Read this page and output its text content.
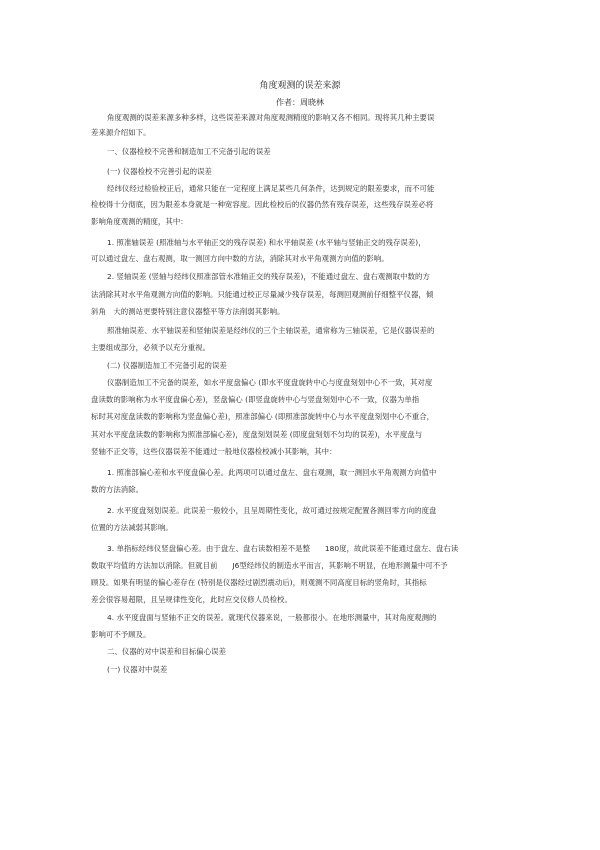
角度观测的误差来源
作者：周晓林
角度观测的误差来源多种多样，这些误差来源对角度观测精度的影响又各不相同。现将其几种主要误
差来源介绍如下。
一、仪器检校不完善和制造加工不完备引起的误差
(一) 仪器检校不完善引起的误差
经纬仪经过检验校正后，通常只能在一定程度上满足某些几何条件，达到规定的限差要求，而不可能
检校得十分彻底，因为限差本身就是一种宽容度。因此检校后的仪器仍然有残存误差，这些残存误差必将
影响角度观测的精度，其中：
1. 照准轴误差 (照准轴与水平轴正交的残存误差) 和水平轴误差 (水平轴与竖轴正交的残存误差)，
可以通过盘左、盘右观测，取一测回方向中数的方法，消除其对水平角观测方向值的影响。
2. 竖轴误差 (竖轴与经纬仪照准部管水准轴正交的残存误差)，不能通过盘左、盘右观测取中数的方
法消除其对水平角观测方向值的影响。只能通过校正尽量减少残存误差，每测回观测前仔细整平仪器，倾
斜角　大的测站更要特别注意仪器整平等方法削弱其影响。
照准轴误差、水平轴误差和竖轴误差是经纬仪的三个主轴误差，通常称为三轴误差，它是仪器误差的
主要组成部分，必须予以充分重视。
(二) 仪器制造加工不完备引起的误差
仪器制造加工不完备的误差，如水平度盘偏心 (即水平度盘旋转中心与度盘刻划中心不一致，其对度
盘读数的影响称为水平度盘偏心差)，竖盘偏心 (即竖盘旋转中心与竖盘刻划中心不一致，仪器为单指
标时其对度盘读数的影响称为竖盘偏心差)，照准部偏心 (即照准部旋转中心与水平度盘刻划中心不重合，
其对水平度盘读数的影响称为照准部偏心差)，度盘刻划误差 (即度盘刻划不匀均的误差)，水平度盘与
竖轴不正交等，这些仪器误差不能通过一般地仪器检校减小其影响，其中：
1. 照准部偏心差和水平度盘偏心差。此两项可以通过盘左、盘右观测，取一测回水平角观测方向值中
数的方法消除。
2. 水平度盘刻划误差。此误差一般较小，且呈周期性变化，故可通过按规定配置各测回零方向的度盘
位置的方法减弱其影响。
3. 单指标经纬仪竖盘偏心差。由于盘左、盘右读数相差不是整　　180度，故此误差不能通过盘左、盘右读
数取平均值的方法加以消除。但就目前　　J6型经纬仪的制造水平而言，其影响不明显，在地形测量中可不予
顾及。如果有明显的偏心差存在 (特别是仪器经过剧烈震动后)，则观测不同高度目标的竖角时，其指标
差会很容易超限，且呈规律性变化，此时应交仪修人员检校。
4. 水平度盘面与竖轴不正交的误差。就现代仪器来说，一般都很小。在地形测量中，其对角度观测的
影响可不予顾及。
二、仪器的对中误差和目标偏心误差
(一) 仪器对中误差
